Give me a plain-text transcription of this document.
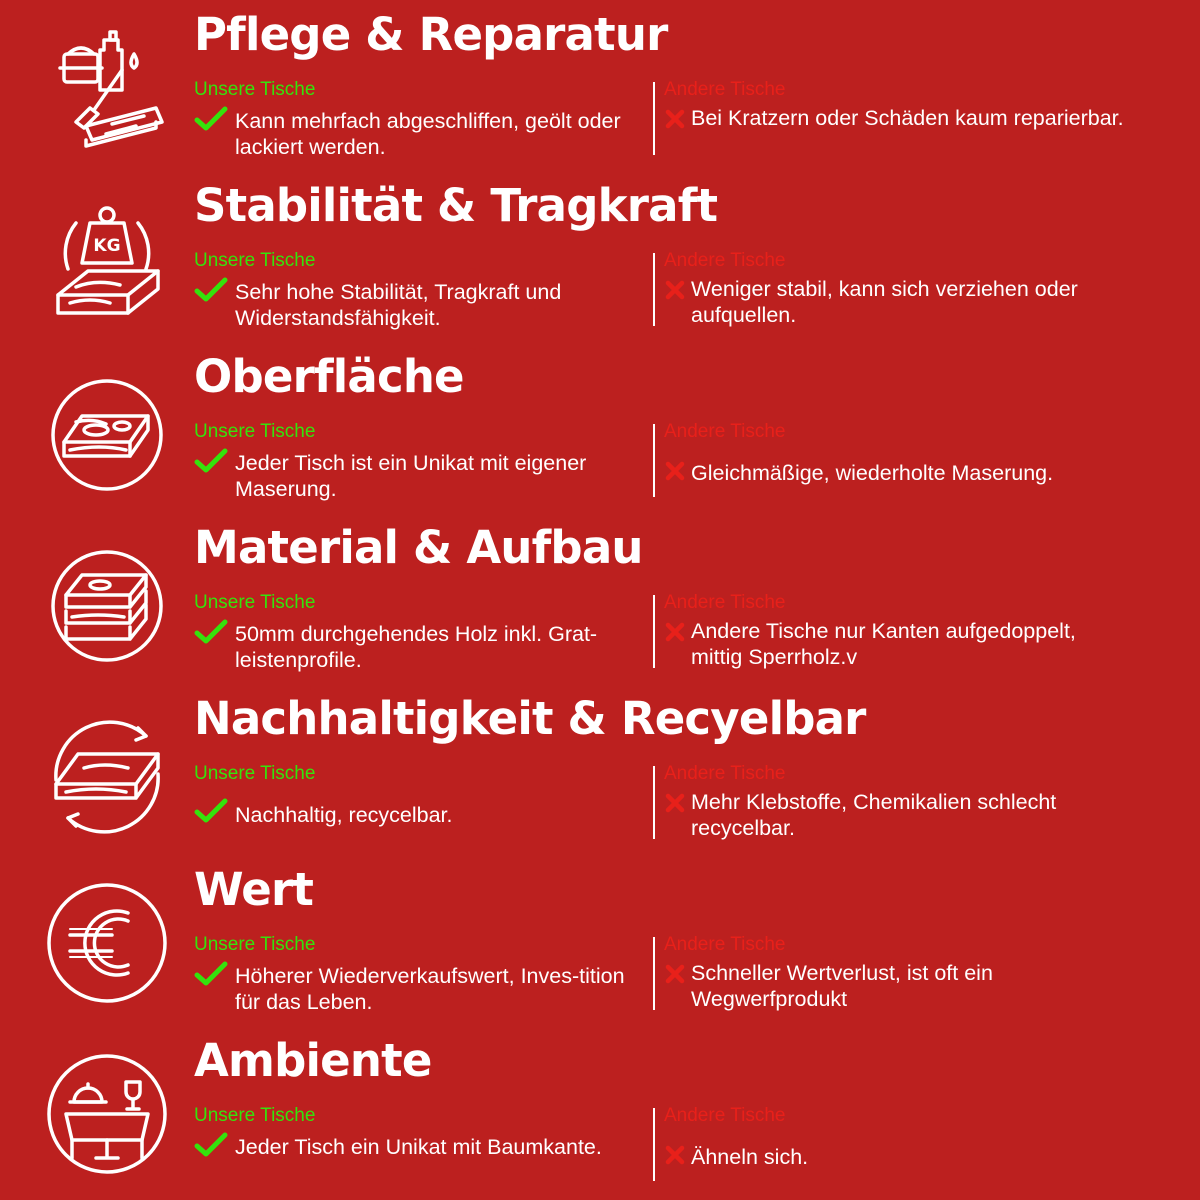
Pflege & Reparatur
Unsere Tische
Kann mehrfach abgeschliffen, geölt oder lackiert werden.
Andere Tische
Bei Kratzern oder Schäden kaum reparierbar.
KG
Stabilität & Tragkraft
Unsere Tische
Sehr hohe Stabilität, Tragkraft und Widerstandsfähigkeit.
Andere Tische
Weniger stabil, kann sich verziehen oder aufquellen.
Oberfläche
Unsere Tische
Jeder Tisch ist ein Unikat mit eigener Maserung.
Andere Tische
Gleichmäßige, wiederholte Maserung.
Material & Aufbau
Unsere Tische
50mm durchgehendes Holz inkl. Grat-leistenprofile.
Andere Tische
Andere Tische nur Kanten aufgedoppelt, mittig Sperrholz.v
Nachhaltigkeit & Recyelbar
Unsere Tische
Nachhaltig, recycelbar.
Andere Tische
Mehr Klebstoffe, Chemikalien schlecht recycelbar.
Wert
Unsere Tische
Höherer Wiederverkaufswert, Inves-tition für das Leben.
Andere Tische
Schneller Wertverlust, ist oft ein Wegwerfprodukt
Ambiente
Unsere Tische
Jeder Tisch ein Unikat mit Baumkante.
Andere Tische
Ähneln sich.
